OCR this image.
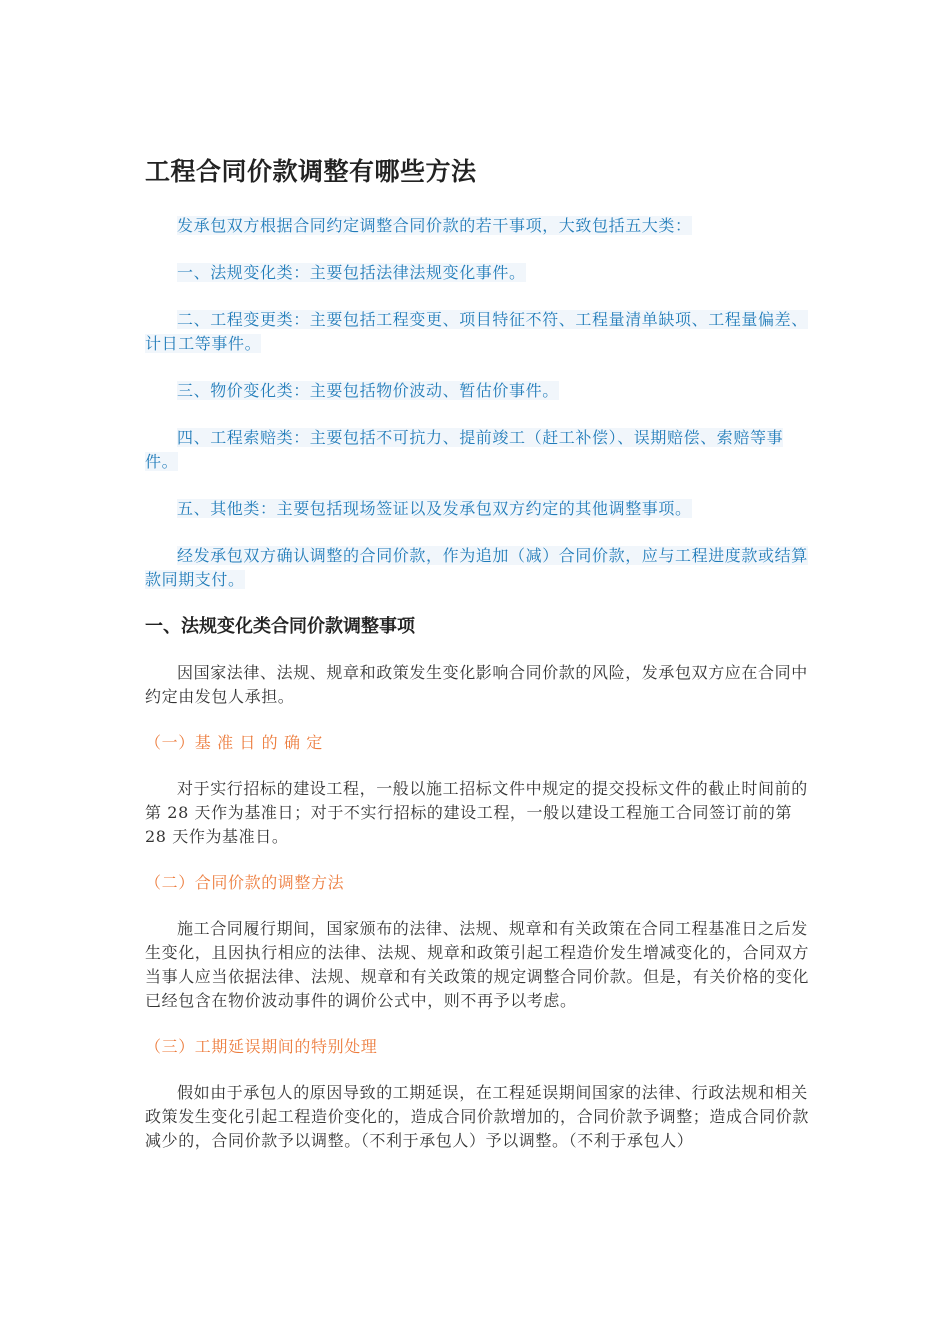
工程合同价款调整有哪些方法

发承包双方根据合同约定调整合同价款的若干事项，大致包括五大类：

一、法规变化类：主要包括法律法规变化事件。

二、工程变更类：主要包括工程变更、项目特征不符、工程量清单缺项、工程量偏差、计日工等事件。

三、物价变化类：主要包括物价波动、暂估价事件。

四、工程索赔类：主要包括不可抗力、提前竣工（赶工补偿）、误期赔偿、索赔等事件。

五、其他类：主要包括现场签证以及发承包双方约定的其他调整事项。

经发承包双方确认调整的合同价款，作为追加（减）合同价款，应与工程进度款或结算款同期支付。

一、法规变化类合同价款调整事项

因国家法律、法规、规章和政策发生变化影响合同价款的风险，发承包双方应在合同中约定由发包人承担。

（一）基 准 日 的 确 定

对于实行招标的建设工程，一般以施工招标文件中规定的提交投标文件的截止时间前的第 28 天作为基准日；对于不实行招标的建设工程，一般以建设工程施工合同签订前的第 28 天作为基准日。

（二）合同价款的调整方法

施工合同履行期间，国家颁布的法律、法规、规章和有关政策在合同工程基准日之后发生变化，且因执行相应的法律、法规、规章和政策引起工程造价发生增减变化的，合同双方当事人应当依据法律、法规、规章和有关政策的规定调整合同价款。但是，有关价格的变化已经包含在物价波动事件的调价公式中，则不再予以考虑。

（三）工期延误期间的特别处理

假如由于承包人的原因导致的工期延误，在工程延误期间国家的法律、行政法规和相关政策发生变化引起工程造价变化的，造成合同价款增加的，合同价款予调整；造成合同价款减少的，合同价款予以调整。（不利于承包人）予以调整。（不利于承包人）
